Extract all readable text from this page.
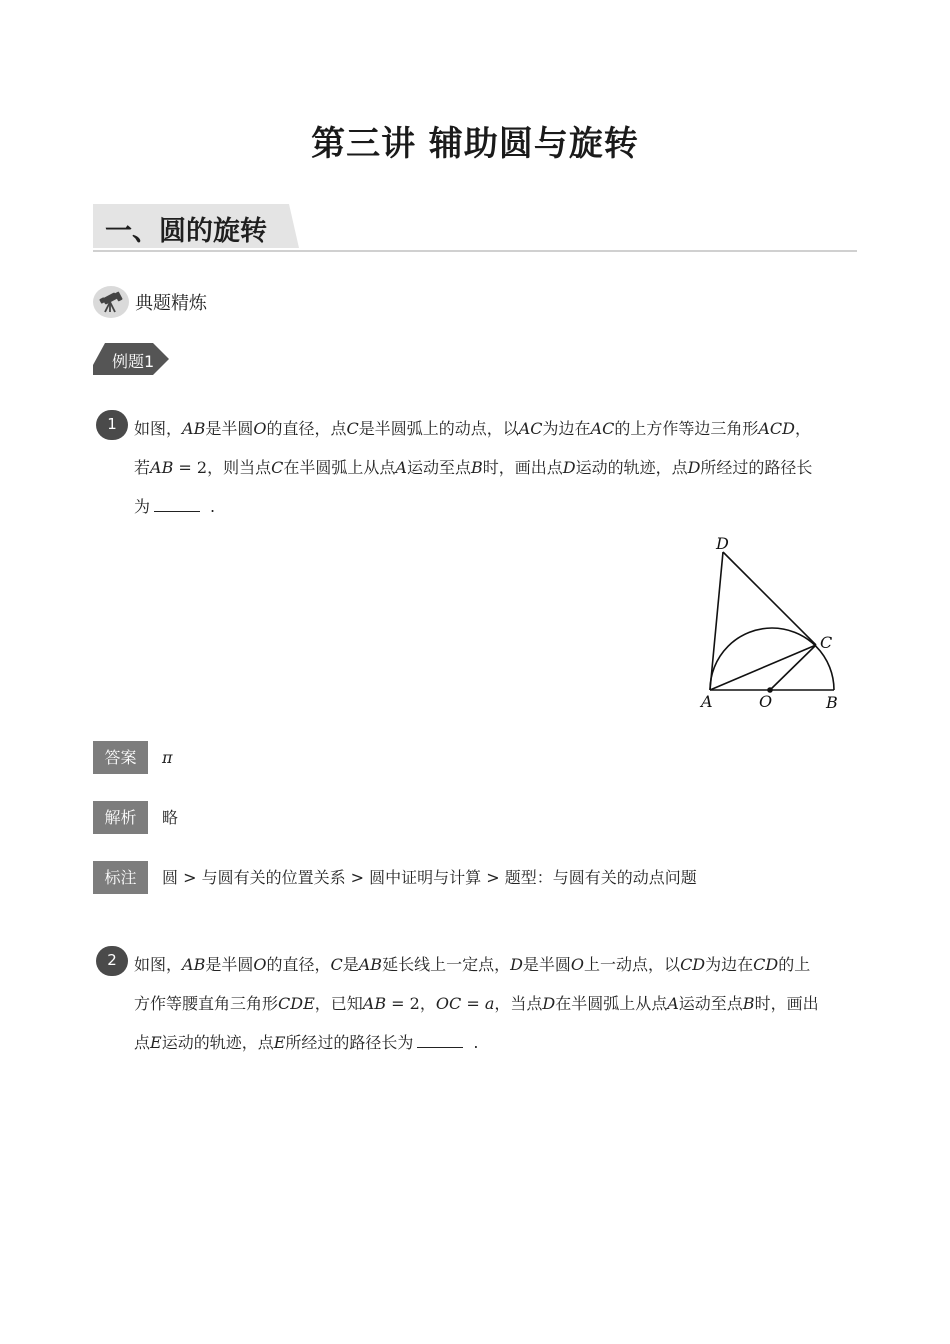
第三讲 辅助圆与旋转
一、圆的旋转
典题精炼
例题1
1	如图，AB是半圆O的直径，点C是半圆弧上的动点，以AC为边在AC的上方作等边三角形ACD，
若AB = 2，则当点C在半圆弧上从点A运动至点B时，画出点D运动的轨迹，点D所经过的路径长
为	.
D
C
A	O	B
答案	π
解析	略
标注	圆 > 与圆有关的位置关系 > 圆中证明与计算 > 题型：与圆有关的动点问题
2	如图，AB是半圆O的直径，C是AB延长线上一定点，D是半圆O上一动点，以CD为边在CD的上
方作等腰直角三角形CDE，已知AB = 2，OC = a，当点D在半圆弧上从点A运动至点B时，画出
点E运动的轨迹，点E所经过的路径长为	.
